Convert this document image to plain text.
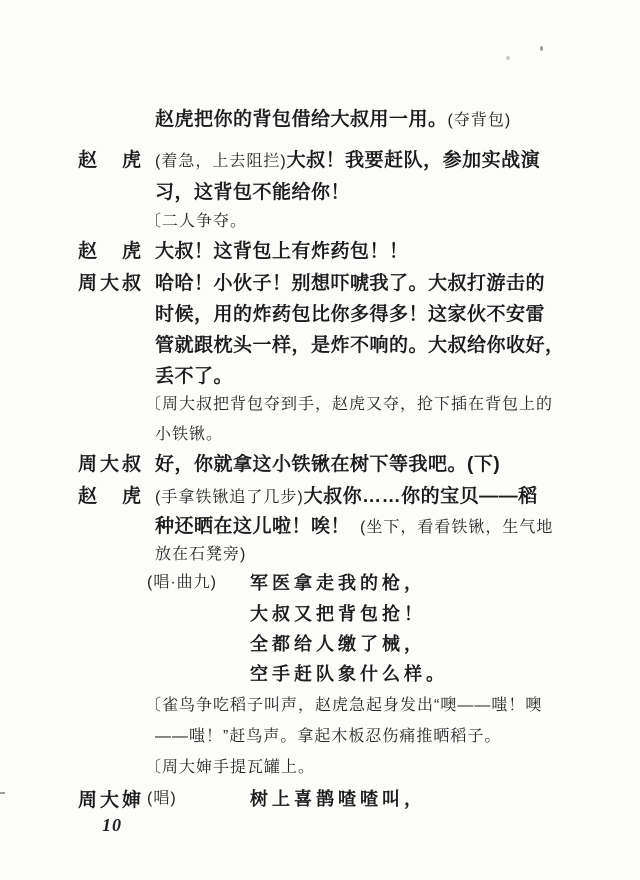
赵虎把你的背包借给大叔用一用。(夺背包)
赵　虎 (着急，上去阻拦)大叔！我要赶队，参加实战演
习，这背包不能给你！
〔二人争夺。
赵　虎 大叔！这背包上有炸药包！！
周大叔 哈哈！小伙子！别想吓唬我了。大叔打游击的
时候，用的炸药包比你多得多！这家伙不安雷
管就跟枕头一样，是炸不响的。大叔给你收好，
丢不了。
〔周大叔把背包夺到手，赵虎又夺，抢下插在背包上的
小铁锹。
周大叔 好，你就拿这小铁锹在树下等我吧。(下)
赵　虎 (手拿铁锹追了几步)大叔你……你的宝贝——稻
种还晒在这儿啦！唉！ (坐下，看看铁锹，生气地
放在石凳旁)
(唱·曲九) 军医拿走我的枪，
大叔又把背包抢！
全都给人缴了械，
空手赶队象什么样。
〔雀鸟争吃稻子叫声，赵虎急起身发出“噢——嗤！噢
——嗤！”赶鸟声。拿起木板忍伤痛推晒稻子。
〔周大婶手提瓦罐上。
周大婶 (唱)	树上喜鹊喳喳叫，
10
